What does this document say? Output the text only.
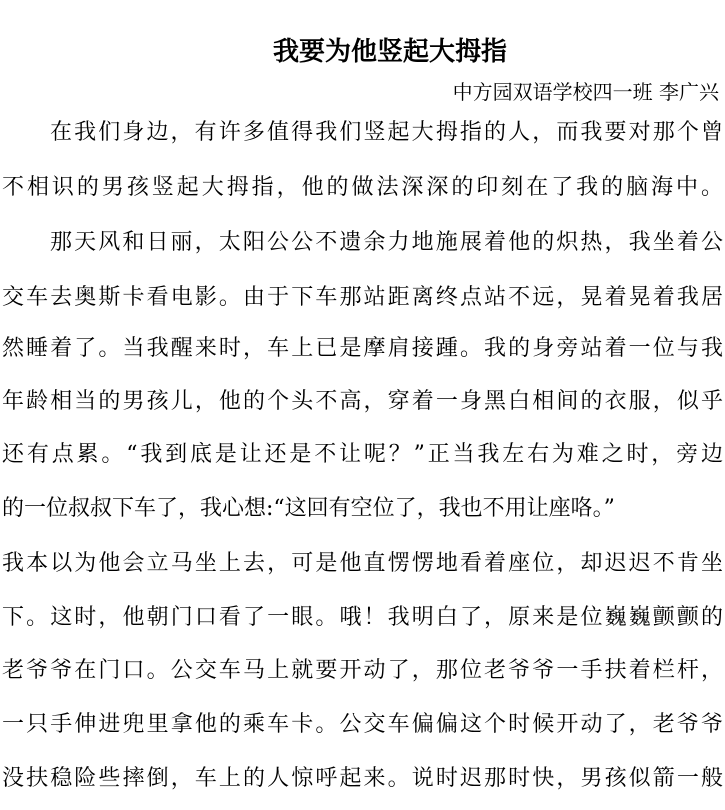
我要为他竖起大拇指
中方园双语学校四一班 李广兴
在我们身边，有许多值得我们竖起大拇指的人，而我要对那个曾
不相识的男孩竖起大拇指，他的做法深深的印刻在了我的脑海中。
那天风和日丽，太阳公公不遗余力地施展着他的炽热，我坐着公
交车去奥斯卡看电影。由于下车那站距离终点站不远，晃着晃着我居
然睡着了。当我醒来时，车上已是摩肩接踵。我的身旁站着一位与我
年龄相当的男孩儿，他的个头不高，穿着一身黑白相间的衣服，似乎
还有点累。“我到底是让还是不让呢？”正当我左右为难之时，旁边
的一位叔叔下车了，我心想:“这回有空位了，我也不用让座咯。”
我本以为他会立马坐上去，可是他直愣愣地看着座位，却迟迟不肯坐
下。这时，他朝门口看了一眼。哦！我明白了，原来是位巍巍颤颤的
老爷爷在门口。公交车马上就要开动了，那位老爷爷一手扶着栏杆，
一只手伸进兜里拿他的乘车卡。公交车偏偏这个时候开动了，老爷爷
没扶稳险些摔倒，车上的人惊呼起来。说时迟那时快，男孩似箭一般
